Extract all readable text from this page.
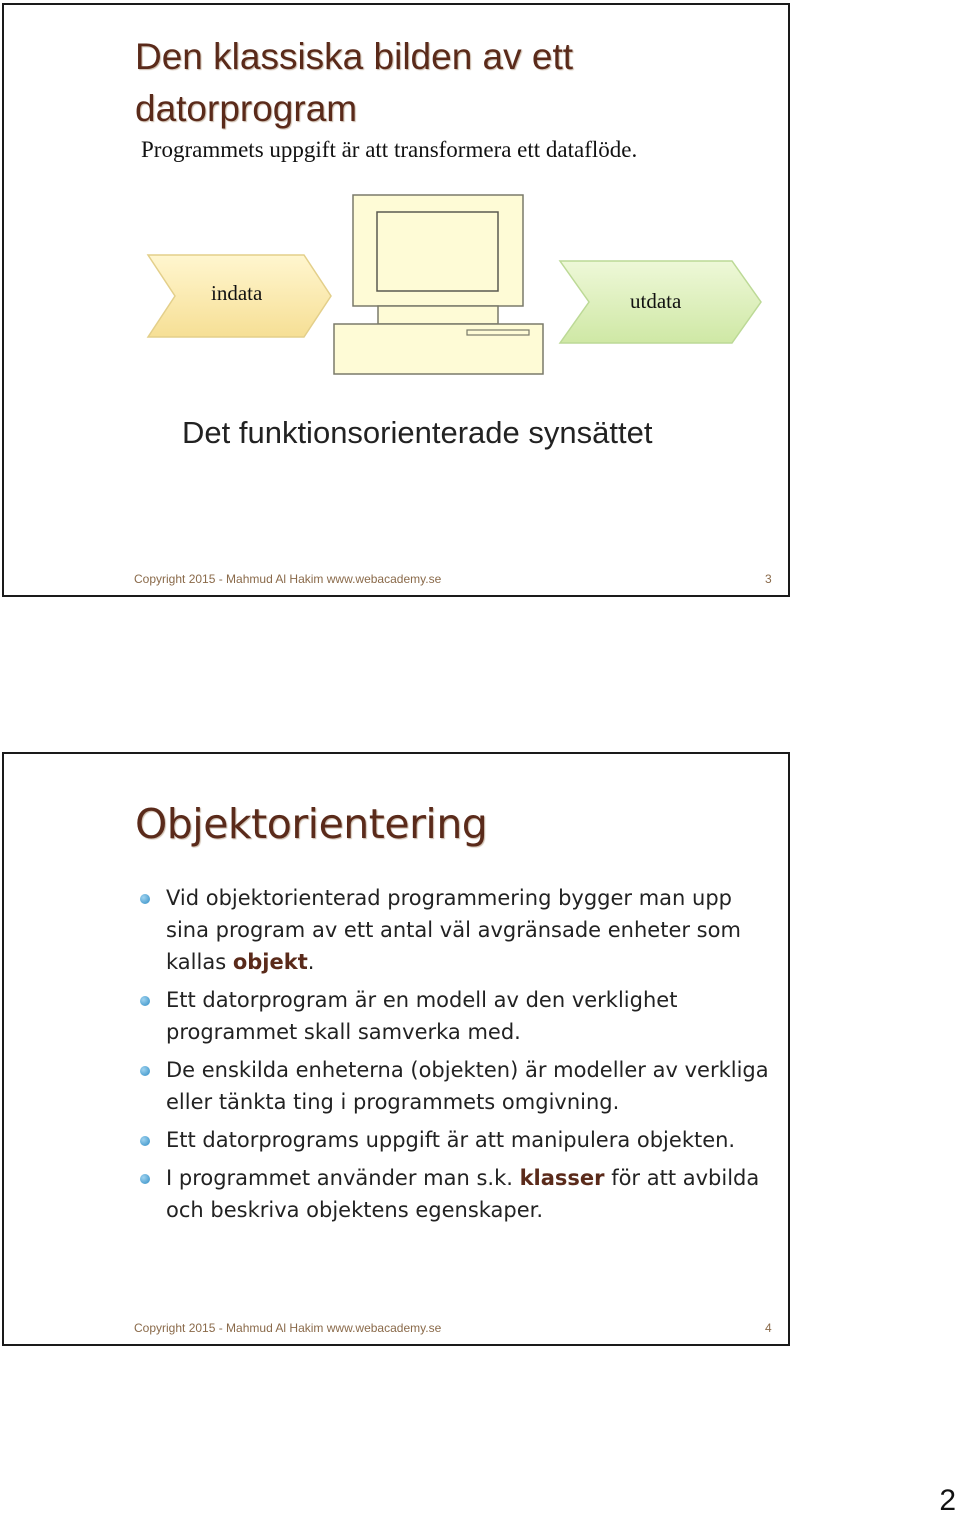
Den klassiska bilden av ett datorprogram
Programmets uppgift är att transformera ett dataflöde.
indata	utdata
Det funktionsorienterade synsättet
Copyright 2015 - Mahmud Al Hakim www.webacademy.se	3
Objektorientering
Vid objektorienterad programmering bygger man upp sina program av ett antal väl avgränsade enheter som kallas objekt.
Ett datorprogram är en modell av den verklighet programmet skall samverka med.
De enskilda enheterna (objekten) är modeller av verkliga eller tänkta ting i programmets omgivning.
Ett datorprograms uppgift är att manipulera objekten.
I programmet använder man s.k. klasser för att avbilda och beskriva objektens egenskaper.
Copyright 2015 - Mahmud Al Hakim www.webacademy.se	4
2
